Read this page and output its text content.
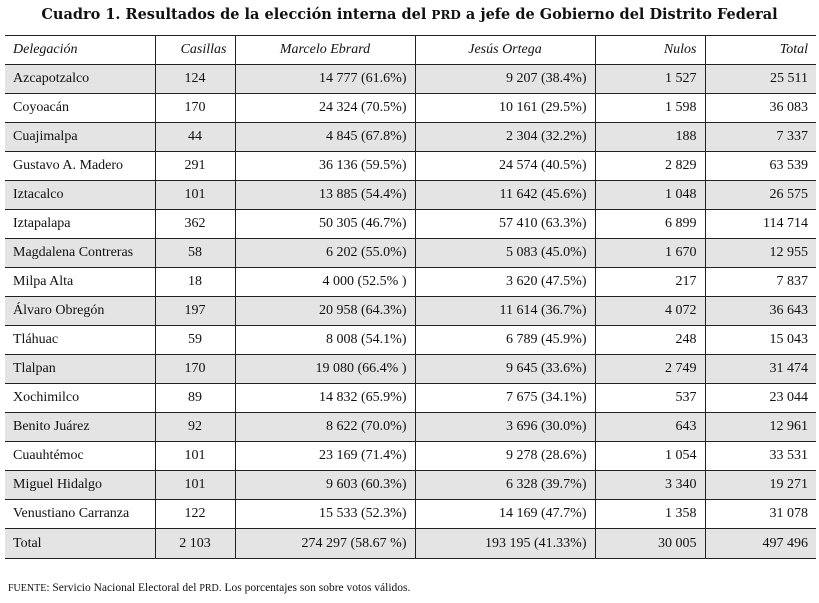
Cuadro 1. Resultados de la elección interna del PRD a jefe de Gobierno del Distrito Federal
Delegación	Casillas	Marcelo Ebrard	Jesús Ortega	Nulos	Total
Azcapotzalco	124	14 777 (61.6%)	9 207 (38.4%)	1 527	25 511
Coyoacán	170	24 324 (70.5%)	10 161 (29.5%)	1 598	36 083
Cuajimalpa	44	4 845 (67.8%)	2 304 (32.2%)	188	7 337
Gustavo A. Madero	291	36 136 (59.5%)	24 574 (40.5%)	2 829	63 539
Iztacalco	101	13 885 (54.4%)	11 642 (45.6%)	1 048	26 575
Iztapalapa	362	50 305 (46.7%)	57 410 (63.3%)	6 899	114 714
Magdalena Contreras	58	6 202 (55.0%)	5 083 (45.0%)	1 670	12 955
Milpa Alta	18	4 000 (52.5% )	3 620 (47.5%)	217	7 837
Álvaro Obregón	197	20 958 (64.3%)	11 614 (36.7%)	4 072	36 643
Tláhuac	59	8 008 (54.1%)	6 789 (45.9%)	248	15 043
Tlalpan	170	19 080 (66.4% )	9 645 (33.6%)	2 749	31 474
Xochimilco	89	14 832 (65.9%)	7 675 (34.1%)	537	23 044
Benito Juárez	92	8 622 (70.0%)	3 696 (30.0%)	643	12 961
Cuauhtémoc	101	23 169 (71.4%)	9 278 (28.6%)	1 054	33 531
Miguel Hidalgo	101	9 603 (60.3%)	6 328 (39.7%)	3 340	19 271
Venustiano Carranza	122	15 533 (52.3%)	14 169 (47.7%)	1 358	31 078
Total	2 103	274 297 (58.67 %)	193 195 (41.33%)	30 005	497 496
FUENTE: Servicio Nacional Electoral del PRD. Los porcentajes son sobre votos válidos.
